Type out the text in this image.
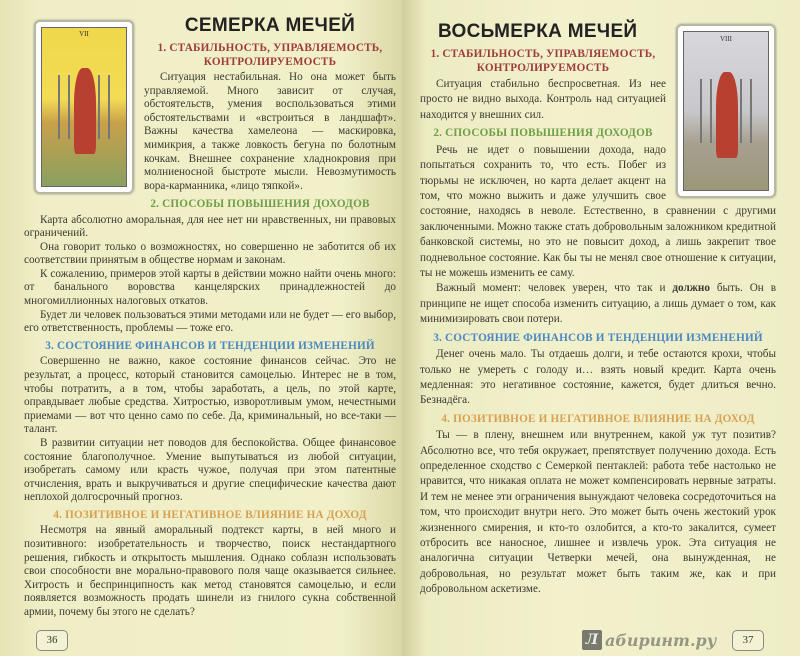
VII	СЕМЕРКА МЕЧЕЙ
1. СТАБИЛЬНОСТЬ, УПРАВЛЯЕМОСТЬ, КОНТРОЛИРУЕМОСТЬ

Ситуация нестабильная. Но она может быть управляемой. Много зависит от случая, обстоятельств, умения воспользоваться этими обстоятельствами и «встроиться в ландшафт». Важны качества хамелеона — маскировка, мимикрия, а также ловкость бегуна по болотным кочкам. Внешнее сохранение хладнокровия при молниеносной быстроте мысли. Невозмутимость вора-карманника, «лицо тяпкой».

2. СПОСОБЫ ПОВЫШЕНИЯ ДОХОДОВ

Карта абсолютно аморальная, для нее нет ни нравственных, ни правовых ограничений.

Она говорит только о возможностях, но совершенно не заботится об их соответствии принятым в обществе нормам и законам.

К сожалению, примеров этой карты в действии можно найти очень много: от банального воровства канцелярских принадлежностей до многомиллионных налоговых откатов.

Будет ли человек пользоваться этими методами или не будет — его выбор, его ответственность, проблемы — тоже его.

3. СОСТОЯНИЕ ФИНАНСОВ И ТЕНДЕНЦИИ ИЗМЕНЕНИЙ

Совершенно не важно, какое состояние финансов сейчас. Это не результат, а процесс, который становится самоцелью. Интерес не в том, чтобы потратить, а в том, чтобы заработать, а цель, по этой карте, оправдывает любые средства. Хитростью, изворотливым умом, нечестными приемами — вот что ценно само по себе. Да, криминальный, но все-таки — талант.

В развитии ситуации нет поводов для беспокойства. Общее финансовое состояние благополучное. Умение выпутываться из любой ситуации, изобретать самому или красть чужое, получая при этом патентные отчисления, врать и выкручиваться и другие специфические качества дают неплохой долгосрочный прогноз.

4. ПОЗИТИВНОЕ И НЕГАТИВНОЕ ВЛИЯНИЕ НА ДОХОД

Несмотря на явный аморальный подтекст карты, в ней много и позитивного: изобретательность и творчество, поиск нестандартного решения, гибкость и открытость мышления. Однако соблазн использовать свои способности вне морально-правового поля чаще оказывается сильнее. Хитрость и беспринципность как метод становятся самоцелью, и если появляется возможность продать шинели из гнилого сукна собственной армии, почему бы этого не сделать?

36
VIII
ВОСЬМЕРКА МЕЧЕЙ
1. СТАБИЛЬНОСТЬ, УПРАВЛЯЕМОСТЬ, КОНТРОЛИРУЕМОСТЬ

Ситуация стабильно беспросветная. Из нее просто не видно выхода. Контроль над ситуацией находится у внешних сил.

2. СПОСОБЫ ПОВЫШЕНИЯ ДОХОДОВ

Речь не идет о повышении дохода, надо попытаться сохранить то, что есть. Побег из тюрьмы не исключен, но карта делает акцент на том, что можно выжить и даже улучшить свое состояние, находясь в неволе. Естественно, в сравнении с другими заключенными. Можно также стать добровольным заложником кредитной банковской системы, но это не повысит доход, а лишь закрепит твое подневольное состояние. Как бы ты не менял свое отношение к ситуации, ты не можешь изменить ее саму.

Важный момент: человек уверен, что так и должно быть. Он в принципе не ищет способа изменить ситуацию, а лишь думает о том, как минимизировать свои потери.

3. СОСТОЯНИЕ ФИНАНСОВ И ТЕНДЕНЦИИ ИЗМЕНЕНИЙ

Денег очень мало. Ты отдаешь долги, и тебе остаются крохи, чтобы только не умереть с голоду и… взять новый кредит. Карта очень медленная: это негативное состояние, кажется, будет длиться вечно. Безнадёга.

4. ПОЗИТИВНОЕ И НЕГАТИВНОЕ ВЛИЯНИЕ НА ДОХОД

Ты — в плену, внешнем или внутреннем, какой уж тут позитив? Абсолютно все, что тебя окружает, препятствует получению дохода. Есть определенное сходство с Семеркой пентаклей: работа тебе настолько не нравится, что никакая оплата не может компенсировать нервные затраты. И тем не менее эти ограничения вынуждают человека сосредоточиться на том, что происходит внутри него. Это может быть очень жестокий урок жизненного смирения, и кто-то озлобится, а кто-то закалится, сумеет отбросить все наносное, лишнее и извлечь урок. Эта ситуация не аналогична ситуации Четверки мечей, она вынужденная, не добровольная, но результат может быть таким же, как и при добровольном аскетизме.

Л абиринт.ру	37
